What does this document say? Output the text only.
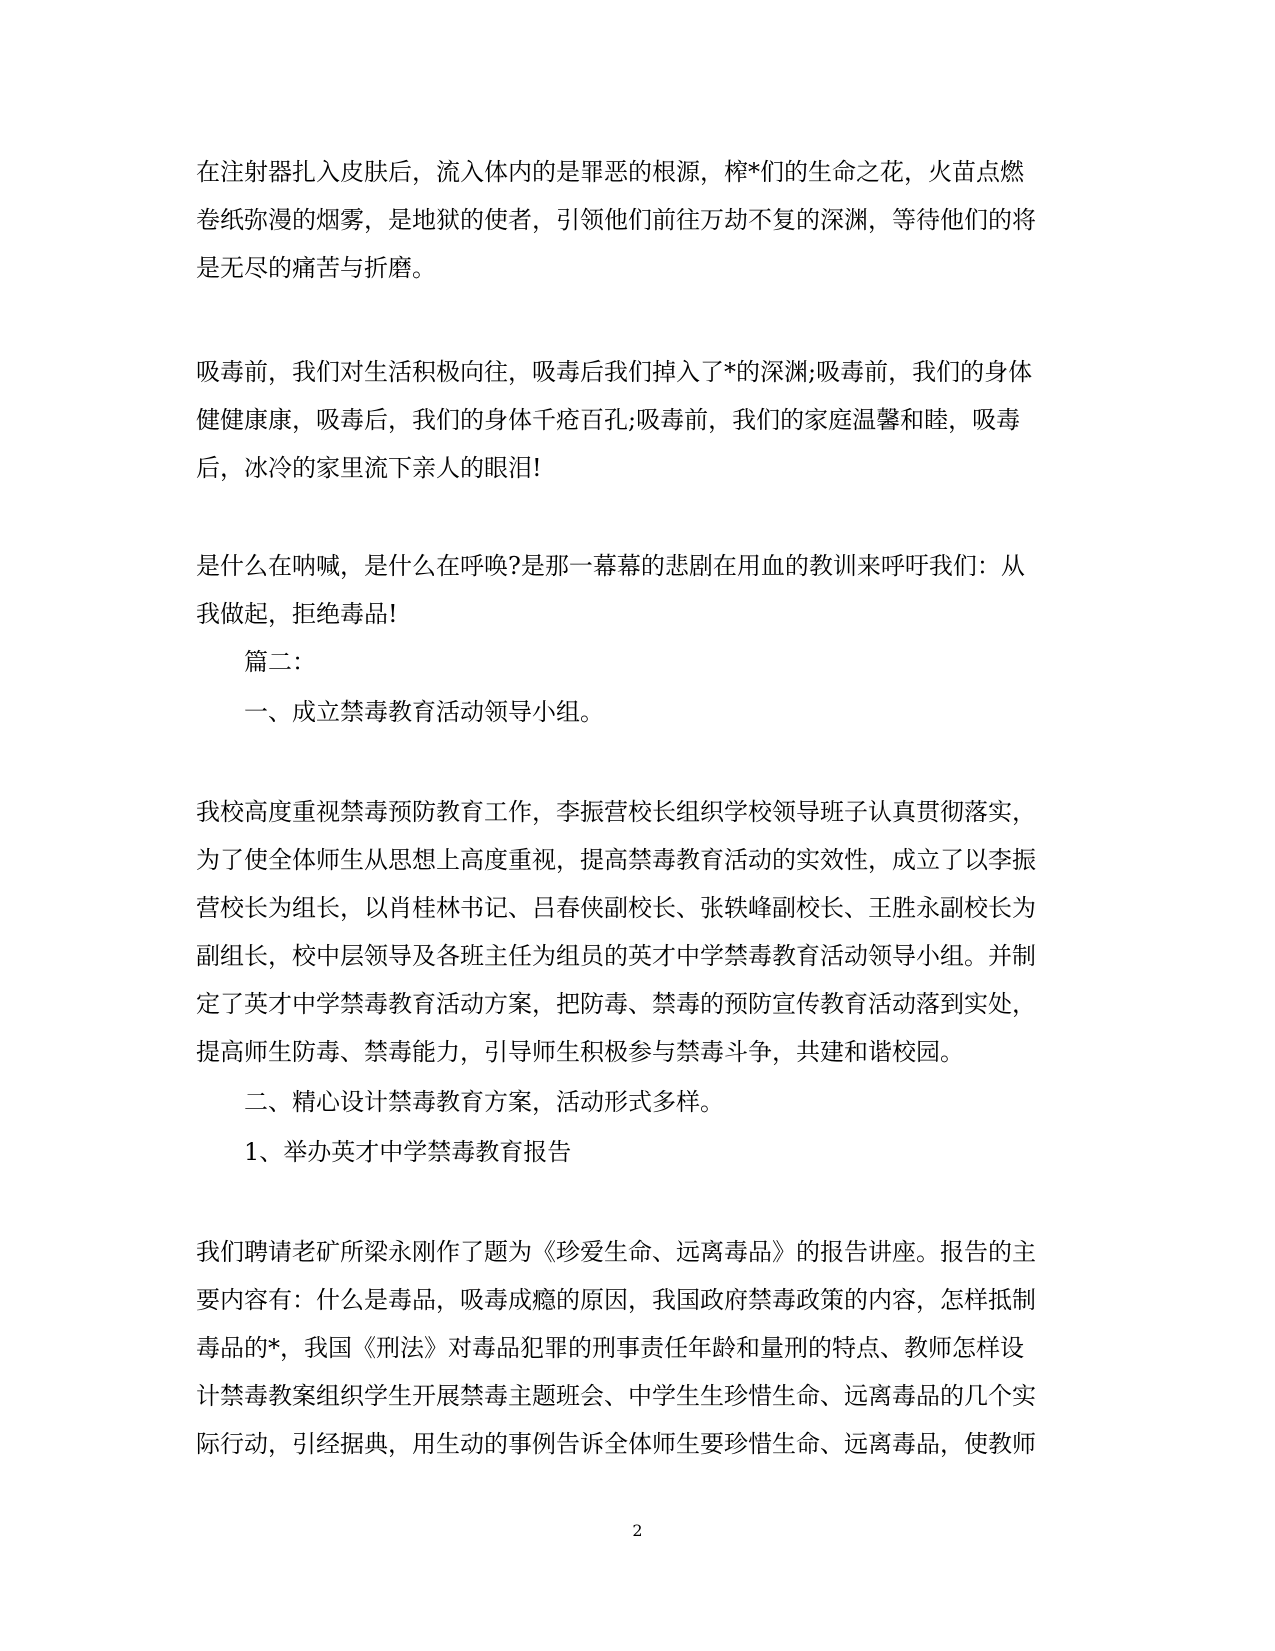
在注射器扎入皮肤后，流入体内的是罪恶的根源，榨*们的生命之花，火苗点燃
卷纸弥漫的烟雾，是地狱的使者，引领他们前往万劫不复的深渊，等待他们的将
是无尽的痛苦与折磨。
吸毒前，我们对生活积极向往，吸毒后我们掉入了*的深渊;吸毒前，我们的身体
健健康康，吸毒后，我们的身体千疮百孔;吸毒前，我们的家庭温馨和睦，吸毒
后，冰冷的家里流下亲人的眼泪!
是什么在呐喊，是什么在呼唤?是那一幕幕的悲剧在用血的教训来呼吁我们：从
我做起，拒绝毒品!
篇二：
一、成立禁毒教育活动领导小组。
我校高度重视禁毒预防教育工作，李振营校长组织学校领导班子认真贯彻落实，
为了使全体师生从思想上高度重视，提高禁毒教育活动的实效性，成立了以李振
营校长为组长，以肖桂林书记、吕春侠副校长、张轶峰副校长、王胜永副校长为
副组长，校中层领导及各班主任为组员的英才中学禁毒教育活动领导小组。并制
定了英才中学禁毒教育活动方案，把防毒、禁毒的预防宣传教育活动落到实处，
提高师生防毒、禁毒能力，引导师生积极参与禁毒斗争，共建和谐校园。
二、精心设计禁毒教育方案，活动形式多样。
1、举办英才中学禁毒教育报告
我们聘请老矿所梁永刚作了题为《珍爱生命、远离毒品》的报告讲座。报告的主
要内容有：什么是毒品，吸毒成瘾的原因，我国政府禁毒政策的内容，怎样抵制
毒品的*，我国《刑法》对毒品犯罪的刑事责任年龄和量刑的特点、教师怎样设
计禁毒教案组织学生开展禁毒主题班会、中学生生珍惜生命、远离毒品的几个实
际行动，引经据典，用生动的事例告诉全体师生要珍惜生命、远离毒品，使教师
2
